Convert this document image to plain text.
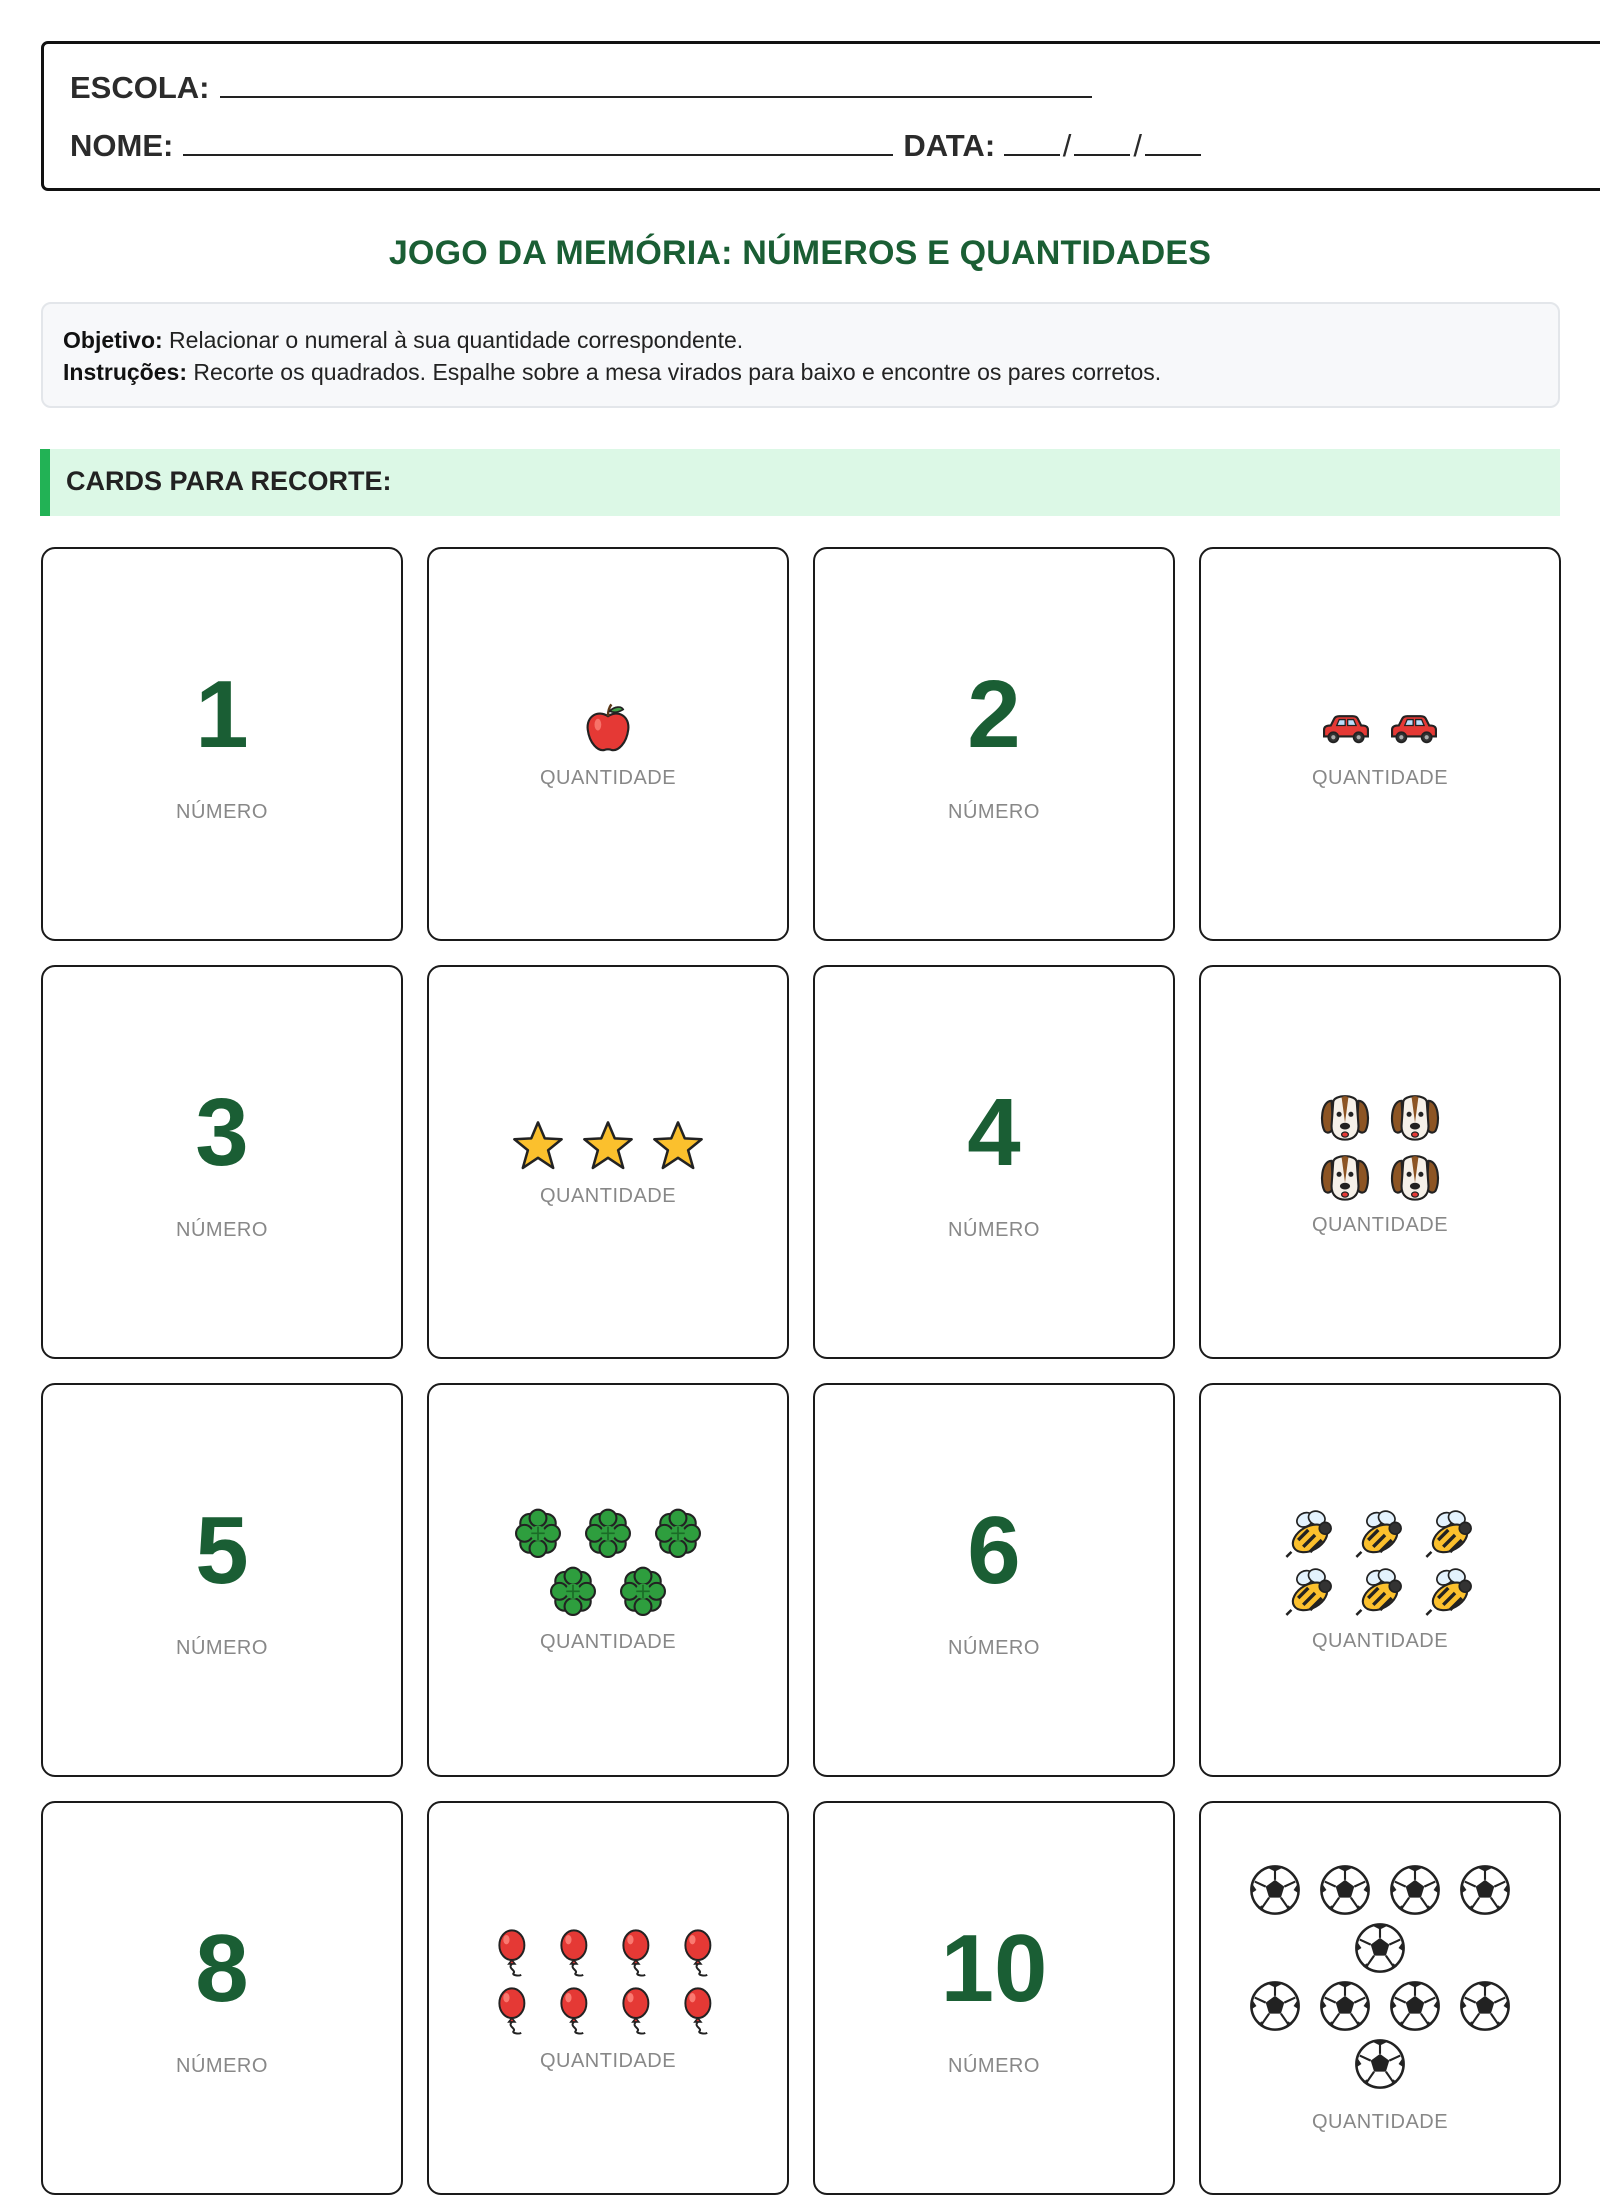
ESCOLA:
NOME:	DATA: / /
JOGO DA MEMÓRIA: NÚMEROS E QUANTIDADES
Objetivo: Relacionar o numeral à sua quantidade correspondente.
Instruções: Recorte os quadrados. Espalhe sobre a mesa virados para baixo e encontre os pares corretos.
CARDS PARA RECORTE:
1
NÚMERO
QUANTIDADE
2
NÚMERO
QUANTIDADE
3
NÚMERO
QUANTIDADE
4
NÚMERO	QUANTIDADE
5
NÚMERO	QUANTIDADE
6
NÚMERO	QUANTIDADE
8
NÚMERO	QUANTIDADE
10
NÚMERO
QUANTIDADE
